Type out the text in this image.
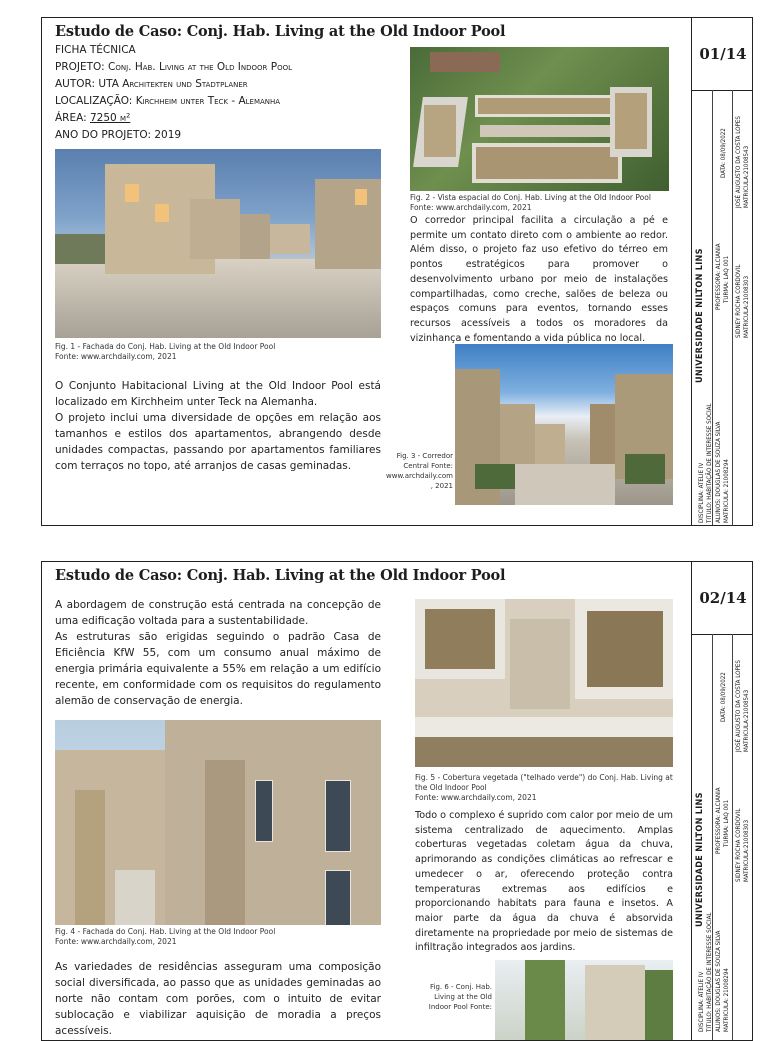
Estudo de Caso: Conj. Hab. Living at the Old Indoor Pool
FICHA TÉCNICA
PROJETO: Conj. Hab. Living at the Old Indoor Pool
AUTOR: UTA Architekten und Stadtplaner
LOCALIZAÇÃO: Kirchheim unter Teck - Alemanha
ÁREA: 7250 m²
ANO DO PROJETO: 2019
Fig. 1 - Fachada do Conj. Hab. Living at the Old Indoor Pool
Fonte: www.archdaily.com, 2021
O Conjunto Habitacional Living at the Old Indoor Pool está localizado em Kirchheim unter Teck na Alemanha.
O projeto inclui uma diversidade de opções em relação aos tamanhos e estilos dos apartamentos, abrangendo desde unidades compactas, passando por apartamentos familiares com terraços no topo, até arranjos de casas geminadas.
Fig. 2 - Vista espacial do Conj. Hab. Living at the Old Indoor Pool
Fonte: www.archdaily.com, 2021
O corredor principal facilita a circulação a pé e permite um contato direto com o ambiente ao redor. Além disso, o projeto faz uso efetivo do térreo em pontos estratégicos para promover o desenvolvimento urbano por meio de instalações compartilhadas, como creche, salões de beleza ou espaços comuns para eventos, tornando esses recursos acessíveis a todos os moradores da vizinhança e fomentando a vida pública no local.
Fig. 3 - Corredor Central Fonte: www.archdaily.com , 2021
01/14
UNIVERSIDADE NILTON LINS
DATA: 08/09/2022
PROFESSORA: ALCIANIA TURMA: LAQ 001
JOSÉ AUGUSTO DA COSTA LOPES MATRICULA:21008543
SIDNEY ROCHA CORDOVIL MATRICULA:21008303
DISCIPLINA: ATELIE IV TITULO: HABITAÇÃO DE INTERESSE SOCIAL ALUNOS: DOUGLAS DE SOUZA SILVA MATRICULA: 21008294
Estudo de Caso: Conj. Hab. Living at the Old Indoor Pool
A abordagem de construção está centrada na concepção de uma edificação voltada para a sustentabilidade.
As estruturas são erigidas seguindo o padrão Casa de Eficiência KfW 55, com um consumo anual máximo de energia primária equivalente a 55% em relação a um edifício recente, em conformidade com os requisitos do regulamento alemão de conservação de energia.
Fig. 4 - Fachada do Conj. Hab. Living at the Old Indoor Pool
Fonte: www.archdaily.com, 2021
As variedades de residências asseguram uma composição social diversificada, ao passo que as unidades geminadas ao norte não contam com porões, com o intuito de evitar sublocação e viabilizar aquisição de moradia a preços acessíveis.
Fig. 5 - Cobertura vegetada ("telhado verde") do Conj. Hab. Living at the Old Indoor Pool
Fonte: www.archdaily.com, 2021
Todo o complexo é suprido com calor por meio de um sistema centralizado de aquecimento. Amplas coberturas vegetadas coletam água da chuva, aprimorando as condições climáticas ao refrescar e umedecer o ar, oferecendo proteção contra temperaturas extremas aos edifícios e proporcionando habitats para fauna e insetos. A maior parte da água da chuva é absorvida diretamente na propriedade por meio de sistemas de infiltração integrados aos jardins.
Fig. 6 - Conj. Hab. Living at the Old Indoor Pool Fonte:
02/14
UNIVERSIDADE NILTON LINS
DATA: 08/09/2022
PROFESSORA: ALCIANIA TURMA: LAQ 001
JOSÉ AUGUSTO DA COSTA LOPES MATRICULA:21008543
SIDNEY ROCHA CORDOVIL MATRICULA:21008303
DISCIPLINA: ATELIE IV TITULO: HABITAÇÃO DE INTERESSE SOCIAL ALUNOS: DOUGLAS DE SOUZA SILVA MATRICULA: 21008294
